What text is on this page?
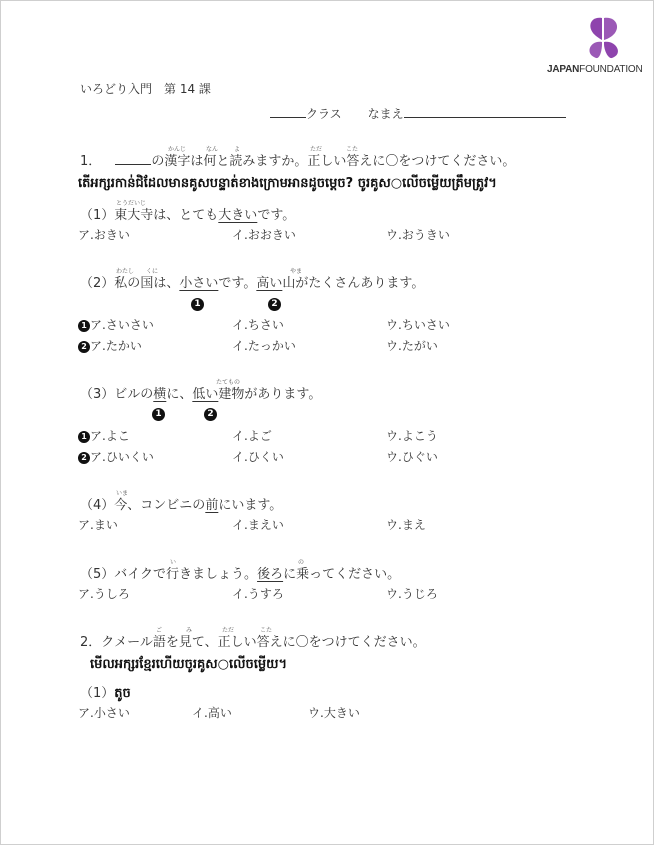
JAPANFOUNDATION
いろどり入門　第 14 課
クラス なまえ
かんじ	なん	よ	ただ	こた
1．	の漢字は何と読みますか。正しい答えに〇をつけてください。
តើអក្សរកាន់ជិដែលមានគូសបន្ទាត់ខាងក្រោមអានដូចម្ដេច? ចូរគូស○លើចម្លើយត្រឹមត្រូវ។
とうだいじ
（1）東大寺は、とても大きいです。
ア.おきい	イ.おおきい	ウ.おうきい
わたし くに	やま
（2）私の国は、小さいです。高い山がたくさんあります。
1	2
1 ア.さいさい	イ.ちさい	ウ.ちいさい
2 ア.たかい	イ.たっかい	ウ.たがい
たてもの
（3）ビルの横に、低い建物があります。
1	2
1 ア.よこ	イ.よご	ウ.よこう
2 ア.ひいくい	イ.ひくい	ウ.ひぐい
いま
（4）今、コンビニの前にいます。
ア.まい	イ.まえい	ウ.まえ
い	の
（5）バイクで行きましょう。後ろに乗ってください。
ア.うしろ	イ.うすろ	ウ.うじろ
ご	み	ただ	こた
2．クメール語を見て、正しい答えに〇をつけてください。
មើលអក្សរខ្មែរហើយចូរគូស○លើចម្លើយ។
（1）តូច
ア.小さい	イ.高い	ウ.大きい
